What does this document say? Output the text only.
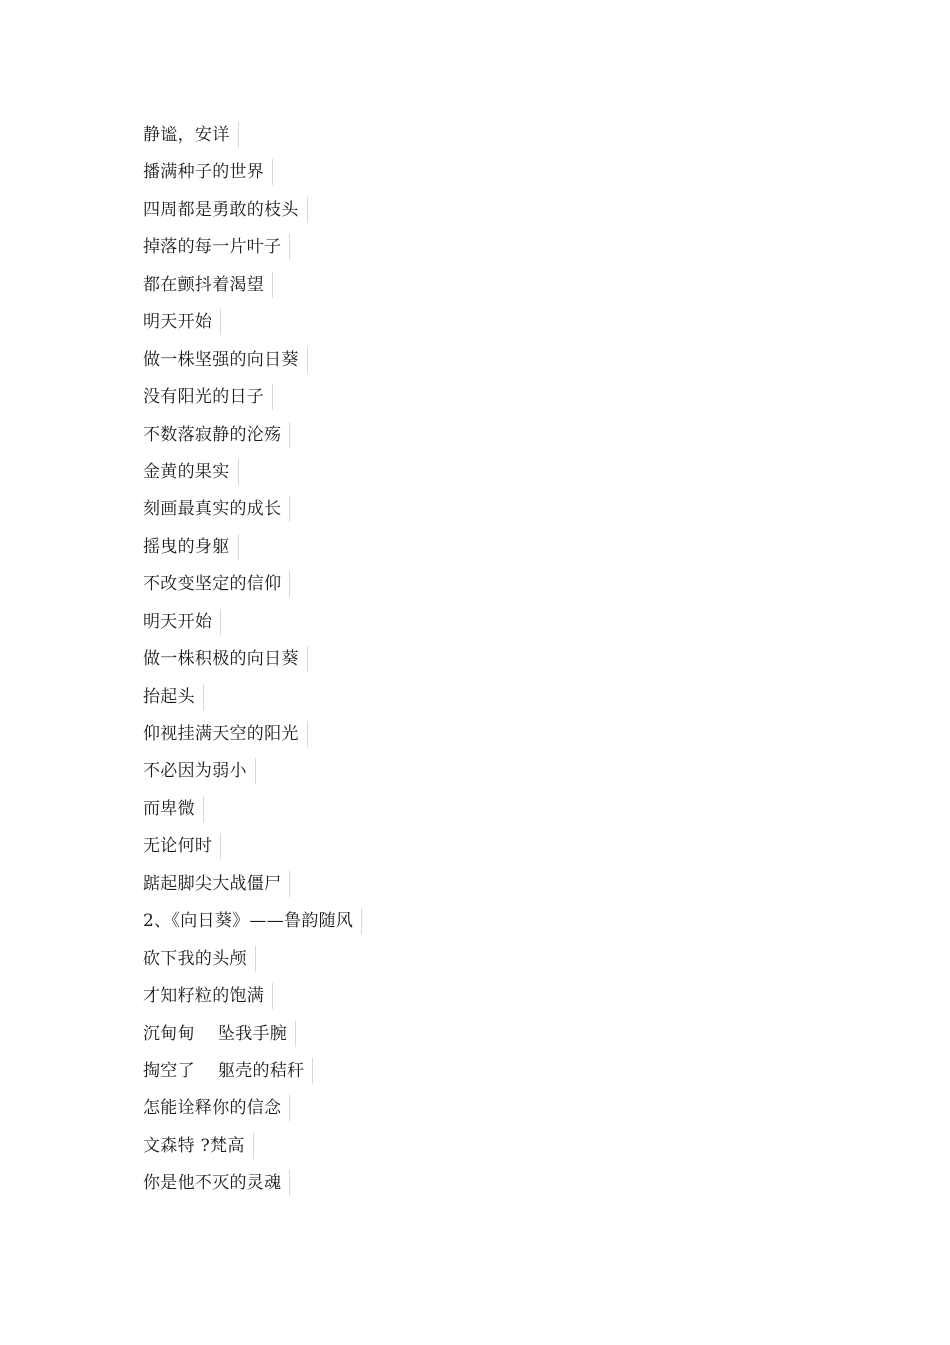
静谧，安详
播满种子的世界
四周都是勇敢的枝头
掉落的每一片叶子
都在颤抖着渴望
明天开始
做一株坚强的向日葵
没有阳光的日子
不数落寂静的沦殇
金黄的果实
刻画最真实的成长
摇曳的身躯
不改变坚定的信仰
明天开始
做一株积极的向日葵
抬起头
仰视挂满天空的阳光
不必因为弱小
而卑微
无论何时
踮起脚尖大战僵尸
2、《向日葵》——鲁韵随风
砍下我的头颅
才知籽粒的饱满
沉甸甸　 坠我手腕
掏空了　 躯壳的秸秆
怎能诠释你的信念
文森特 ?梵高
你是他不灭的灵魂
